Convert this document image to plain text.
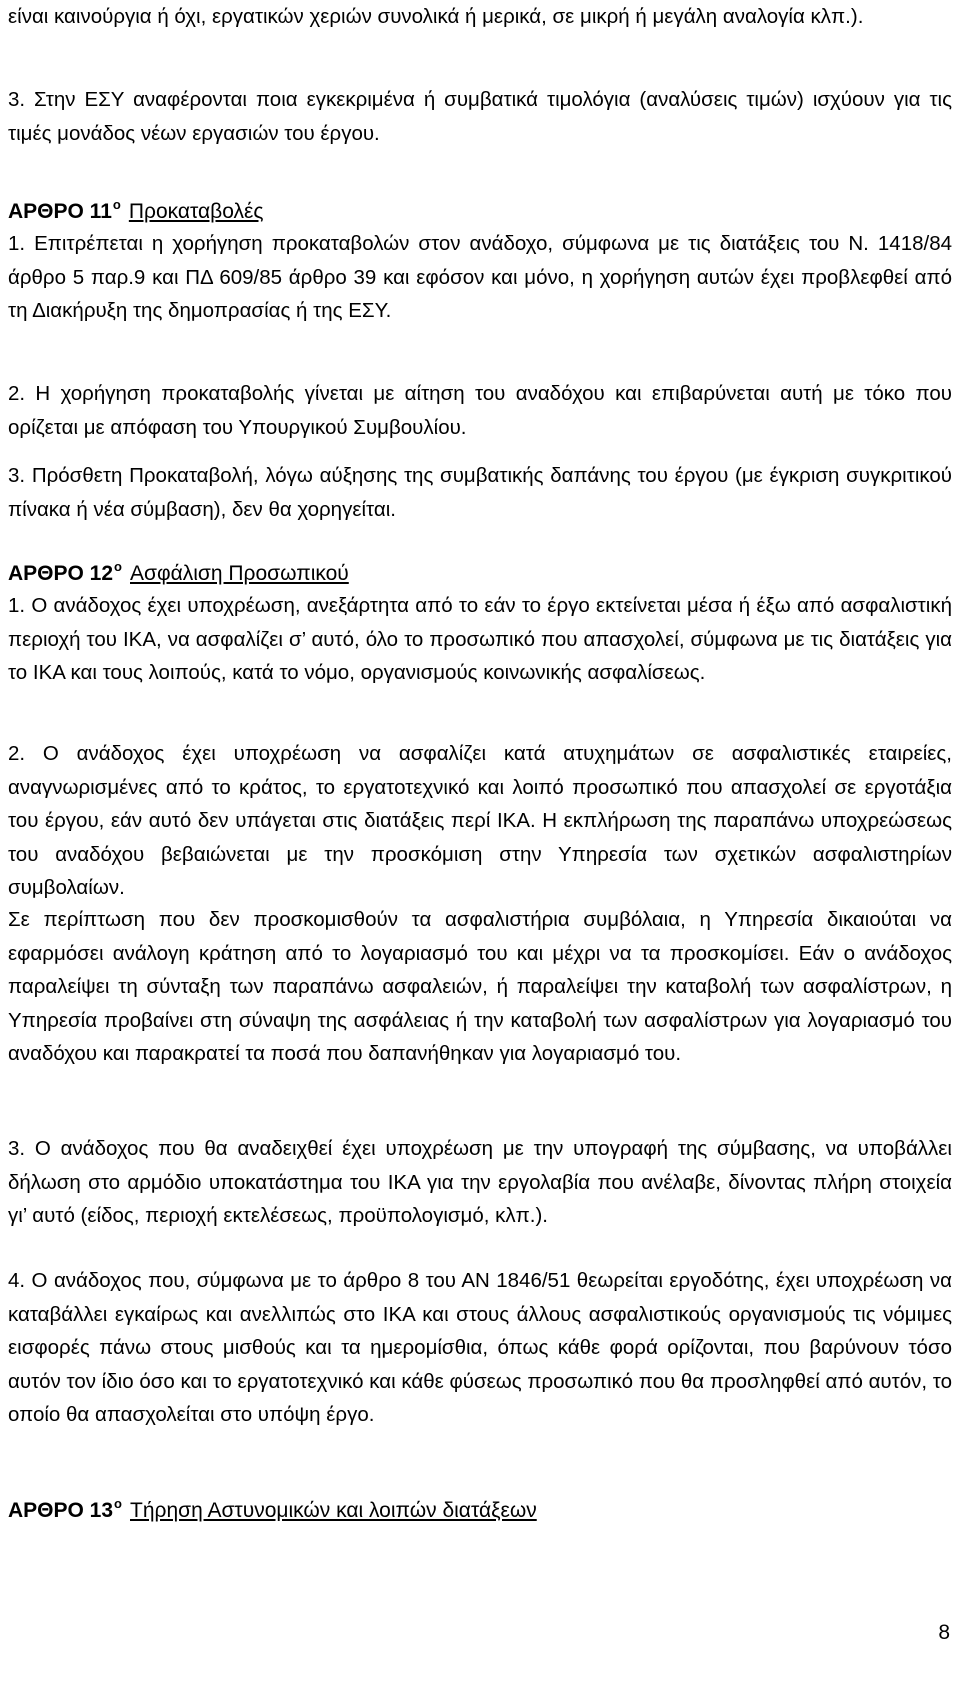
είναι καινούργια ή όχι, εργατικών χεριών συνολικά ή μερικά, σε μικρή ή μεγάλη αναλογία κλπ.).

3. Στην ΕΣΥ αναφέρονται ποια εγκεκριμένα ή συμβατικά τιμολόγια (αναλύσεις τιμών) ισχύουν για τις τιμές μονάδος νέων εργασιών του έργου.

ΑΡΘΡΟ $11^o$ Προκαταβολές

1. Επιτρέπεται η χορήγηση προκαταβολών στον ανάδοχο, σύμφωνα με τις διατάξεις του Ν. 1418/84 άρθρο 5 παρ.9 και ΠΔ 609/85 άρθρο 39 και εφόσον και μόνο, η χορήγηση αυτών έχει προβλεφθεί από τη Διακήρυξη της δημοπρασίας ή της ΕΣΥ.

2. Η χορήγηση προκαταβολής γίνεται με αίτηση του αναδόχου και επιβαρύνεται αυτή με τόκο που ορίζεται με απόφαση του Υπουργικού Συμβουλίου.

3. Πρόσθετη Προκαταβολή, λόγω αύξησης της συμβατικής δαπάνης του έργου (με έγκριση συγκριτικού πίνακα ή νέα σύμβαση), δεν θα χορηγείται.

ΑΡΘΡΟ $12^o$ Ασφάλιση Προσωπικού

1. Ο ανάδοχος έχει υποχρέωση, ανεξάρτητα από το εάν το έργο εκτείνεται μέσα ή έξω από ασφαλιστική περιοχή του ΙΚΑ, να ασφαλίζει σ’ αυτό, όλο το προσωπικό που απασχολεί, σύμφωνα με τις διατάξεις για το ΙΚΑ και τους λοιπούς, κατά το νόμο, οργανισμούς κοινωνικής ασφαλίσεως.

2. Ο ανάδοχος έχει υποχρέωση να ασφαλίζει κατά ατυχημάτων σε ασφαλιστικές εταιρείες, αναγνωρισμένες από το κράτος, το εργατοτεχνικό και λοιπό προσωπικό που απασχολεί σε εργοτάξια του έργου, εάν αυτό δεν υπάγεται στις διατάξεις περί ΙΚΑ. Η εκπλήρωση της παραπάνω υποχρεώσεως του αναδόχου βεβαιώνεται με την προσκόμιση στην Υπηρεσία των σχετικών ασφαλιστηρίων συμβολαίων.

Σε περίπτωση που δεν προσκομισθούν τα ασφαλιστήρια συμβόλαια, η Υπηρεσία δικαιούται να εφαρμόσει ανάλογη κράτηση από το λογαριασμό του και μέχρι να τα προσκομίσει. Εάν ο ανάδοχος παραλείψει τη σύνταξη των παραπάνω ασφαλειών, ή παραλείψει την καταβολή των ασφαλίστρων, η Υπηρεσία προβαίνει στη σύναψη της ασφάλειας ή την καταβολή των ασφαλίστρων για λογαριασμό του αναδόχου και παρακρατεί τα ποσά που δαπανήθηκαν για λογαριασμό του.

3. Ο ανάδοχος που θα αναδειχθεί έχει υποχρέωση με την υπογραφή της σύμβασης, να υποβάλλει δήλωση στο αρμόδιο υποκατάστημα του ΙΚΑ για την εργολαβία που ανέλαβε, δίνοντας πλήρη στοιχεία γι’ αυτό (είδος, περιοχή εκτελέσεως, προϋπολογισμό, κλπ.).

4. Ο ανάδοχος που, σύμφωνα με το άρθρο 8 του ΑΝ 1846/51 θεωρείται εργοδότης, έχει υποχρέωση να καταβάλλει εγκαίρως και ανελλιπώς στο ΙΚΑ και στους άλλους ασφαλιστικούς οργανισμούς τις νόμιμες εισφορές πάνω στους μισθούς και τα ημερομίσθια, όπως κάθε φορά ορίζονται, που βαρύνουν τόσο αυτόν τον ίδιο όσο και το εργατοτεχνικό και κάθε φύσεως προσωπικό που θα προσληφθεί από αυτόν, το οποίο θα απασχολείται στο υπόψη έργο.

ΑΡΘΡΟ $13^o$ Τήρηση Αστυνομικών και λοιπών διατάξεων
8
